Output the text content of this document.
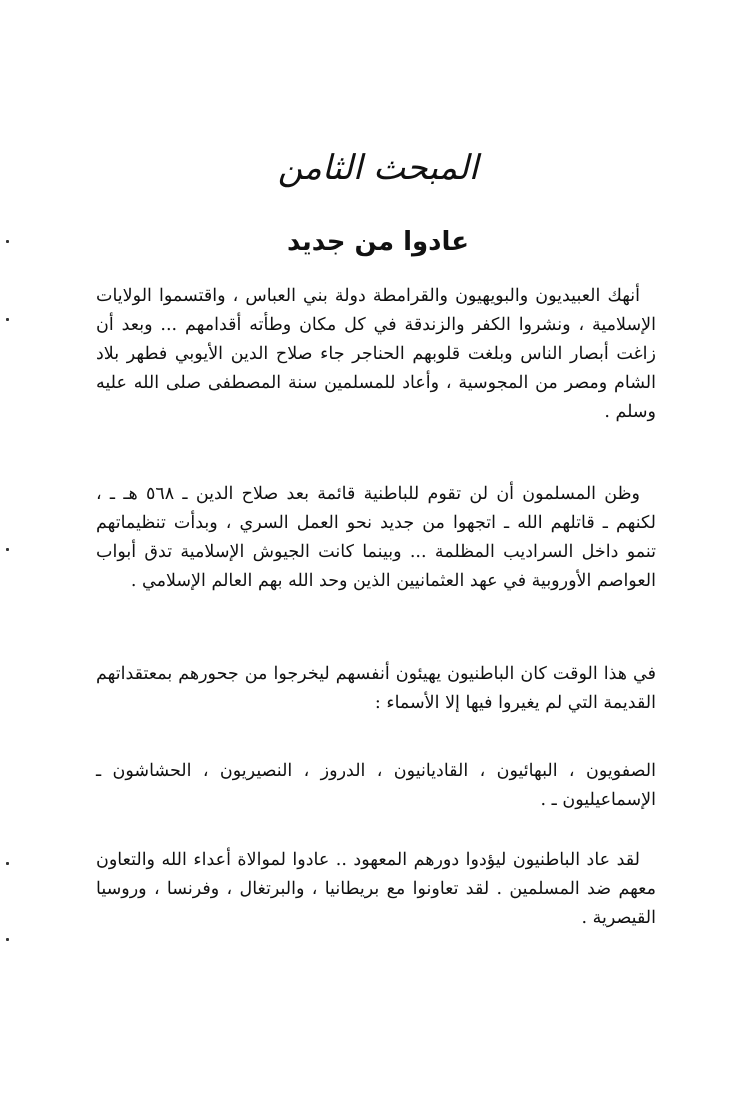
المبحث الثامن
عادوا من جديد
أنهك العبيديون والبويهيون والقرامطة دولة بني العباس ، واقتسموا الولايات الإسلامية ، ونشروا الكفر والزندقة في كل مكان وطأته أقدامهم ... وبعد أن زاغت أبصار الناس وبلغت قلوبهم الحناجر جاء صلاح الدين الأيوبي فطهر بلاد الشام ومصر من المجوسية ، وأعاد للمسلمين سنة المصطفى صلى الله عليه وسلم .
وظن المسلمون أن لن تقوم للباطنية قائمة بعد صلاح الدين ـ ٥٦٨ هـ ـ ، لكنهم ـ قاتلهم الله ـ اتجهوا من جديد نحو العمل السري ، وبدأت تنظيماتهم تنمو داخل السراديب المظلمة ... وبينما كانت الجيوش الإسلامية تدق أبواب العواصم الأوروبية في عهد العثمانيين الذين وحد الله بهم العالم الإسلامي .
في هذا الوقت كان الباطنيون يهيئون أنفسهم ليخرجوا من جحورهم بمعتقداتهم القديمة التي لم يغيروا فيها إلا الأسماء :
الصفويون ، البهائيون ، القاديانيون ، الدروز ، النصيريون ، الحشاشون ـ الإسماعيليون ـ .
لقد عاد الباطنيون ليؤدوا دورهم المعهود .. عادوا لموالاة أعداء الله والتعاون معهم ضد المسلمين . لقد تعاونوا مع بريطانيا ، والبرتغال ، وفرنسا ، وروسيا القيصرية .
